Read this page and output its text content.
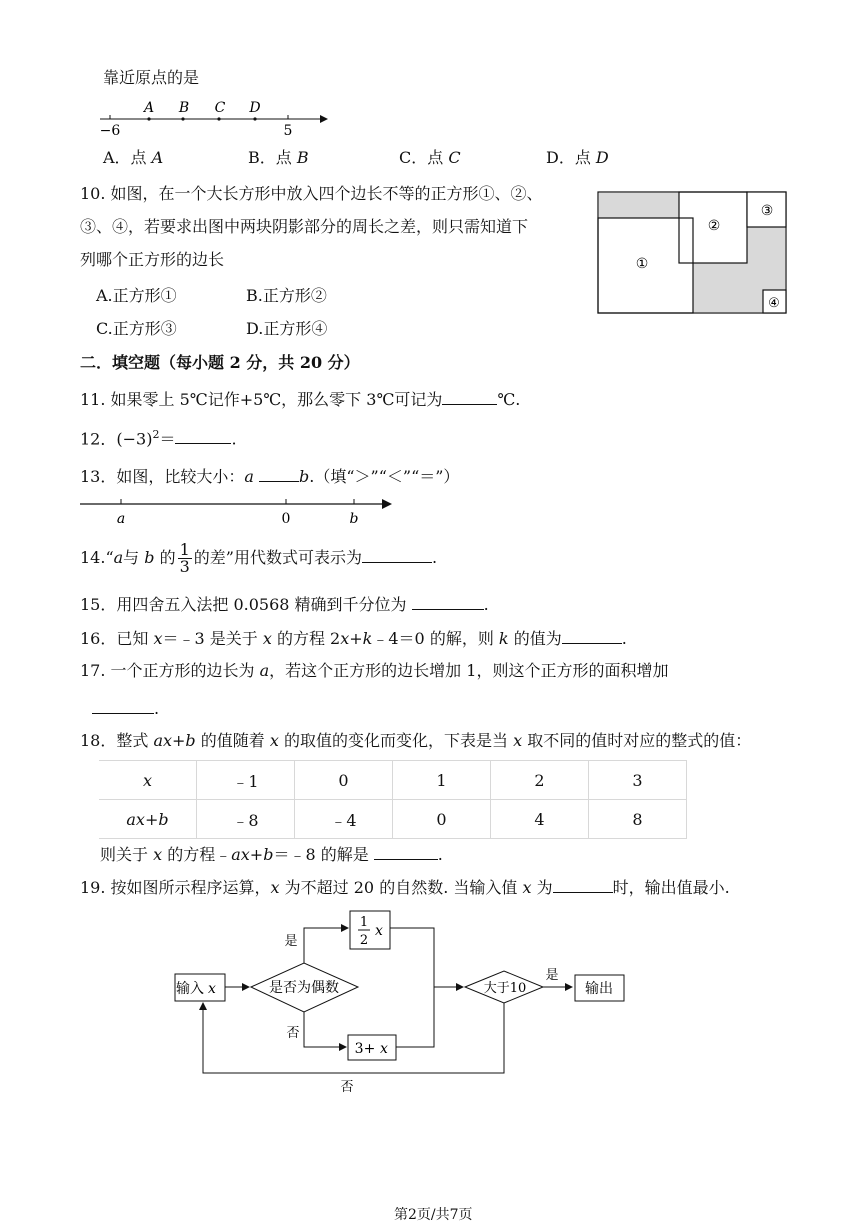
靠近原点的是
A B C D
−6	5
A．点 A	B．点 B	C．点 C	D．点 D
10. 如图，在一个大长方形中放入四个边长不等的正方形①、②、
③、④，若要求出图中两块阴影部分的周长之差，则只需知道下
列哪个正方形的边长
A.正方形①	B.正方形②
C.正方形③	D.正方形④
①
②
③
④
二．填空题（每小题 2 分，共 20 分）
11. 如果零上 5℃记作+5℃，那么零下 3℃可记为	℃.
12．$(-3)^2=$	.
13．如图，比较大小：a	b.（填“＞”“＜”“＝”）
a	0	b
14.“a与 b 的 $\frac{1}{3}$ 的差”用代数式可表示为	.
15．用四舍五入法把 0.0568 精确到千分位为	.
16．已知 x＝﹣3 是关于 x 的方程 2x+k﹣4＝0 的解，则 k 的值为	.
17. 一个正方形的边长为 a，若这个正方形的边长增加 1，则这个正方形的面积增加
.
18．整式 ax+b 的值随着 x 的取值的变化而变化，下表是当 x 取不同的值时对应的整式的值：
x	﹣1	0	1	2	3
ax+b	﹣8	﹣4	0	4	8
则关于 x 的方程﹣ax+b＝﹣8 的解是	.
19. 按如图所示程序运算，x 为不超过 20 的自然数. 当输入值 x 为	时，输出值最小.
输入 x	是否为偶数
是
1
2
x
否
3+ x
大于10
是
输出
否
第2页/共7页
